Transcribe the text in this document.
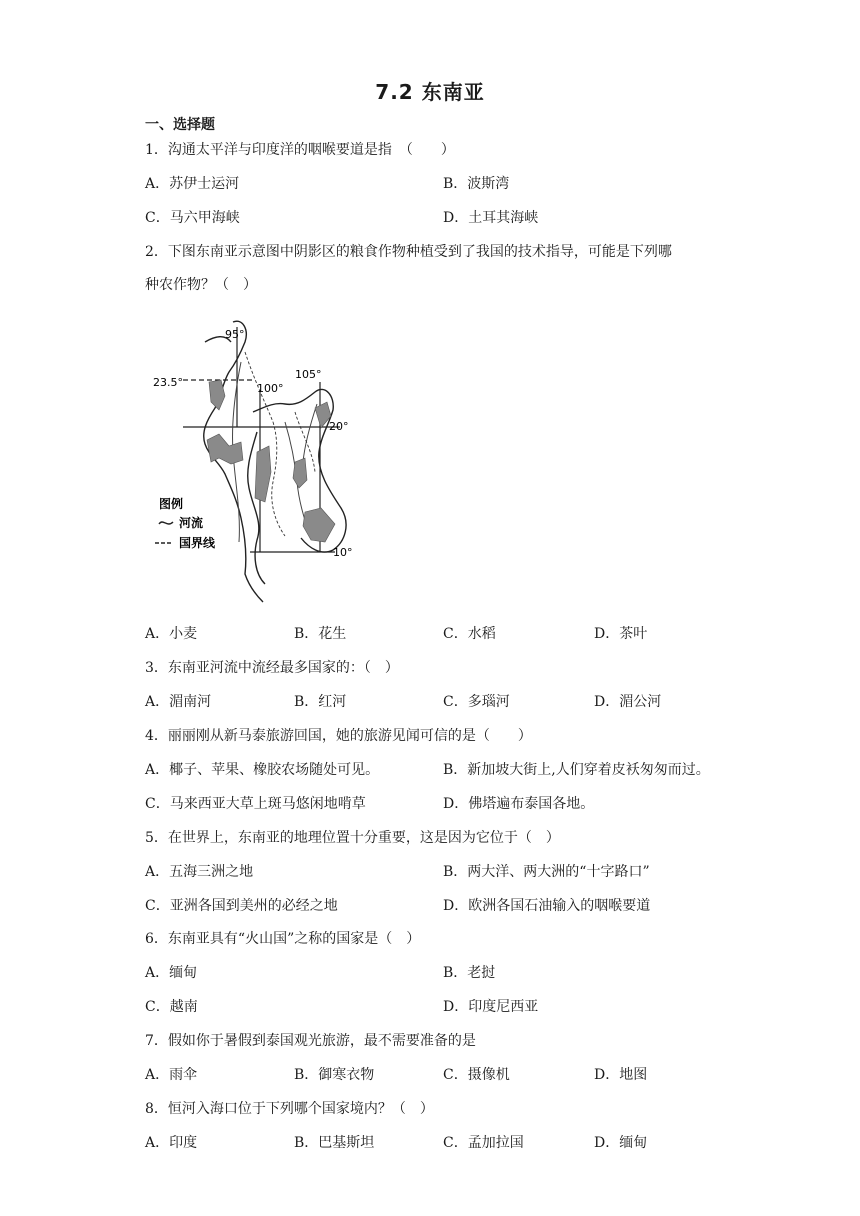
7.2 东南亚
一、选择题
1．沟通太平洋与印度洋的咽喉要道是指　（　　）
A．苏伊士运河	B．波斯湾
C．马六甲海峡	D．土耳其海峡
2．下图东南亚示意图中阴影区的粮食作物种植受到了我国的技术指导，可能是下列哪
种农作物？（　）
95°
23.5°	100°
105°
20°
10°
图例
河流
国界线
A．小麦	B．花生	C．水稻	D．茶叶
3．东南亚河流中流经最多国家的：（　）
A．湄南河	B．红河	C．多瑙河	D．湄公河
4．丽丽刚从新马泰旅游回国，她的旅游见闻可信的是（　　）
A．椰子、苹果、橡胶农场随处可见。	B．新加坡大街上,人们穿着皮袄匆匆而过。
C．马来西亚大草上斑马悠闲地啃草	D．佛塔遍布泰国各地。
5．在世界上，东南亚的地理位置十分重要，这是因为它位于（　）
A．五海三洲之地	B．两大洋、两大洲的“十字路口”
C．亚洲各国到美州的必经之地	D．欧洲各国石油输入的咽喉要道
6．东南亚具有“火山国”之称的国家是（　）
A．缅甸	B．老挝
C．越南	D．印度尼西亚
7．假如你于暑假到泰国观光旅游，最不需要准备的是
A．雨伞	B．御寒衣物	C．摄像机	D．地图
8．恒河入海口位于下列哪个国家境内？（　）
A．印度	B．巴基斯坦	C．孟加拉国	D．缅甸
